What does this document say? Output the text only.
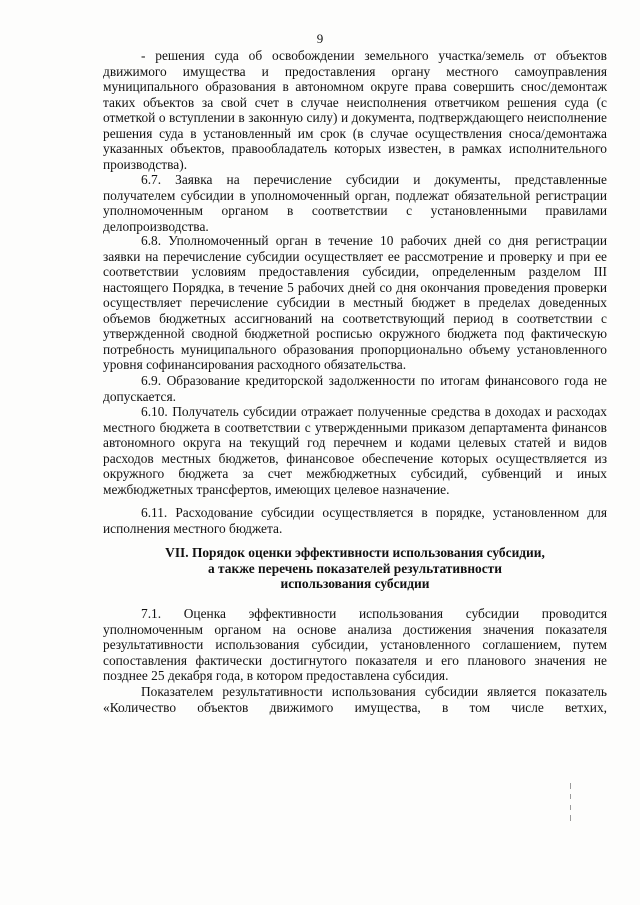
9

- решения суда об освобождении земельного участка/земель от объектов движимого имущества и предоставления органу местного самоуправления муниципального образования в автономном округе права совершить снос/демонтаж таких объектов за свой счет в случае неисполнения ответчиком решения суда (с отметкой о вступлении в законную силу) и документа, подтверждающего неисполнение решения суда в установленный им срок (в случае осуществления сноса/демонтажа указанных объектов, правообладатель которых известен, в рамках исполнительного производства).

6.7. Заявка на перечисление субсидии и документы, представленные получателем субсидии в уполномоченный орган, подлежат обязательной регистрации уполномоченным органом в соответствии с установленными правилами делопроизводства.

6.8. Уполномоченный орган в течение 10 рабочих дней со дня регистрации заявки на перечисление субсидии осуществляет ее рассмотрение и проверку и при ее соответствии условиям предоставления субсидии, определенным разделом III настоящего Порядка, в течение 5 рабочих дней со дня окончания проведения проверки осуществляет перечисление субсидии в местный бюджет в пределах доведенных объемов бюджетных ассигнований на соответствующий период в соответствии с утвержденной сводной бюджетной росписью окружного бюджета под фактическую потребность муниципального образования пропорционально объему установленного уровня софинансирования расходного обязательства.

6.9. Образование кредиторской задолженности по итогам финансового года не допускается.

6.10. Получатель субсидии отражает полученные средства в доходах и расходах местного бюджета в соответствии с утвержденными приказом департамента финансов автономного округа на текущий год перечнем и кодами целевых статей и видов расходов местных бюджетов, финансовое обеспечение которых осуществляется из окружного бюджета за счет межбюджетных субсидий, субвенций и иных межбюджетных трансфертов, имеющих целевое назначение.

6.11. Расходование субсидии осуществляется в порядке, установленном для исполнения местного бюджета.

VII. Порядок оценки эффективности использования субсидии,
а также перечень показателей результативности
использования субсидии

7.1. Оценка эффективности использования субсидии проводится уполномоченным органом на основе анализа достижения значения показателя результативности использования субсидии, установленного соглашением, путем сопоставления фактически достигнутого показателя и его планового значения не позднее 25 декабря года, в котором предоставлена субсидия.

Показателем результативности использования субсидии является показатель «Количество объектов движимого имущества, в том числе ветхих,
